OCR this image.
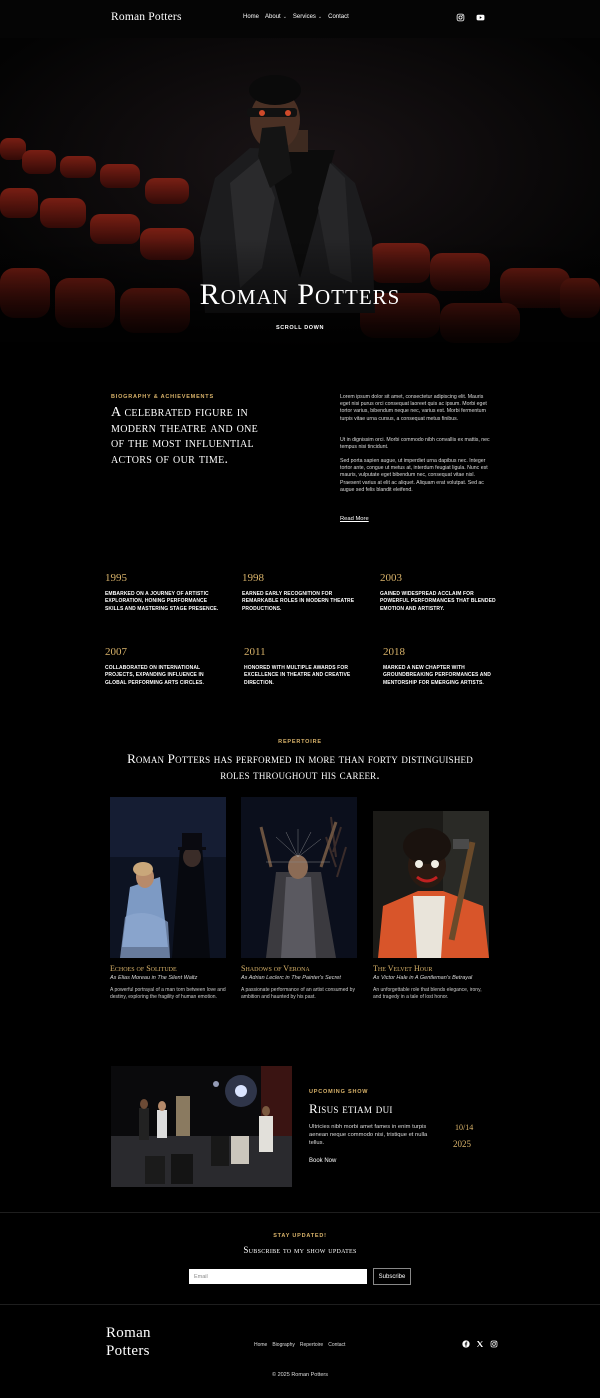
Roman Potters	Home About ⌄ Services ⌄ Contact
Roman Potters
SCROLL DOWN
BIOGRAPHY & ACHIEVEMENTS
A celebrated figure in modern theatre and one of the most influential actors of our time.

Lorem ipsum dolor sit amet, consectetur adipiscing elit. Mauris eget nisi purus orci consequat laoreet quis ac ipsum. Morbi eget tortor varius, bibendum neque nec, varius est. Morbi fermentum turpis vitae urna cursus, a consequat metus finibus.

Ut in dignissim orci. Morbi commodo nibh convallis ex mattis, nec tempus nisi tincidunt.

Sed porta sapien augue, ut imperdiet urna dapibus nec. Integer tortor ante, congue ut metus at, interdum feugiat ligula. Nunc est mauris, vulputate eget bibendum nec, consequat vitae nisl. Praesent varius at elit ac aliquet. Aliquam erat volutpat. Sed ac augue sed felis blandit eleifend.

Read More
1995
EMBARKED ON A JOURNEY OF ARTISTIC EXPLORATION, HONING PERFORMANCE SKILLS AND MASTERING STAGE PRESENCE.
1998
EARNED EARLY RECOGNITION FOR REMARKABLE ROLES IN MODERN THEATRE PRODUCTIONS.
2003
GAINED WIDESPREAD ACCLAIM FOR POWERFUL PERFORMANCES THAT BLENDED EMOTION AND ARTISTRY.
2007
COLLABORATED ON INTERNATIONAL PROJECTS, EXPANDING INFLUENCE IN GLOBAL PERFORMING ARTS CIRCLES.
2011
HONORED WITH MULTIPLE AWARDS FOR EXCELLENCE IN THEATRE AND CREATIVE DIRECTION.
2018
MARKED A NEW CHAPTER WITH GROUNDBREAKING PERFORMANCES AND MENTORSHIP FOR EMERGING ARTISTS.
REPERTOIRE
Roman Potters has performed in more than forty distinguished roles throughout his career.
Echoes of Solitude
As Elias Moreau in The Silent Waltz
A powerful portrayal of a man torn between love and destiny, exploring the fragility of human emotion.
Shadows of Verona
As Adrian Leclerc in The Painter's Secret
A passionate performance of an artist consumed by ambition and haunted by his past.
The Velvet Hour
As Victor Hale in A Gentleman's Betrayal
An unforgettable role that blends elegance, irony, and tragedy in a tale of lost honor.
UPCOMING SHOW
Risus etiam dui
Ultricies nibh morbi amet fames in enim turpis aenean neque commodo nisi, tristique et nulla tellus.
10/14
2025
Book Now
STAY UPDATED!
Subscribe to my show updates
Email
Subscribe
Roman
Potters	Home Biography Repertoire Contact
© 2025 Roman Potters
